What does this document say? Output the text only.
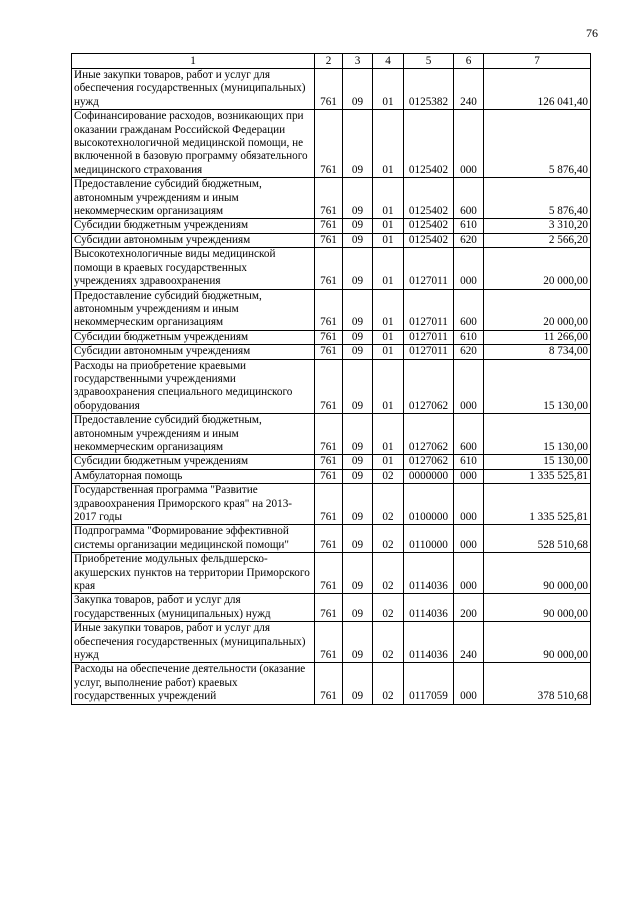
76
1	2	3	4	5	6	7
Иные закупки товаров, работ и услуг для обеспечения государственных (муниципальных) нужд	761	09	01	0125382	240	126 041,40
Софинансирование расходов, возникающих при оказании гражданам Российской Федерации высокотехнологичной медицинской помощи, не включенной в базовую программу обязательного медицинского страхования	761	09	01	0125402	000	5 876,40
Предоставление субсидий бюджетным, автономным учреждениям и иным некоммерческим организациям	761	09	01	0125402	600	5 876,40
Субсидии бюджетным учреждениям	761	09	01	0125402	610	3 310,20
Субсидии автономным учреждениям	761	09	01	0125402	620	2 566,20
Высокотехнологичные виды медицинской помощи в краевых государственных учреждениях здравоохранения	761	09	01	0127011	000	20 000,00
Предоставление субсидий бюджетным, автономным учреждениям и иным некоммерческим организациям	761	09	01	0127011	600	20 000,00
Субсидии бюджетным учреждениям	761	09	01	0127011	610	11 266,00
Субсидии автономным учреждениям	761	09	01	0127011	620	8 734,00
Расходы на приобретение краевыми государственными учреждениями здравоохранения специального медицинского оборудования	761	09	01	0127062	000	15 130,00
Предоставление субсидий бюджетным, автономным учреждениям и иным некоммерческим организациям	761	09	01	0127062	600	15 130,00
Субсидии бюджетным учреждениям	761	09	01	0127062	610	15 130,00
Амбулаторная помощь	761	09	02	0000000	000	1 335 525,81
Государственная программа "Развитие здравоохранения Приморского края" на 2013-2017 годы	761	09	02	0100000	000	1 335 525,81
Подпрограмма "Формирование эффективной системы организации медицинской помощи"	761	09	02	0110000	000	528 510,68
Приобретение модульных фельдшерско-акушерских пунктов на территории Приморского края	761	09	02	0114036	000	90 000,00
Закупка товаров, работ и услуг для государственных (муниципальных) нужд	761	09	02	0114036	200	90 000,00
Иные закупки товаров, работ и услуг для обеспечения государственных (муниципальных) нужд	761	09	02	0114036	240	90 000,00
Расходы на обеспечение деятельности (оказание услуг, выполнение работ) краевых государственных учреждений	761	09	02	0117059	000	378 510,68
